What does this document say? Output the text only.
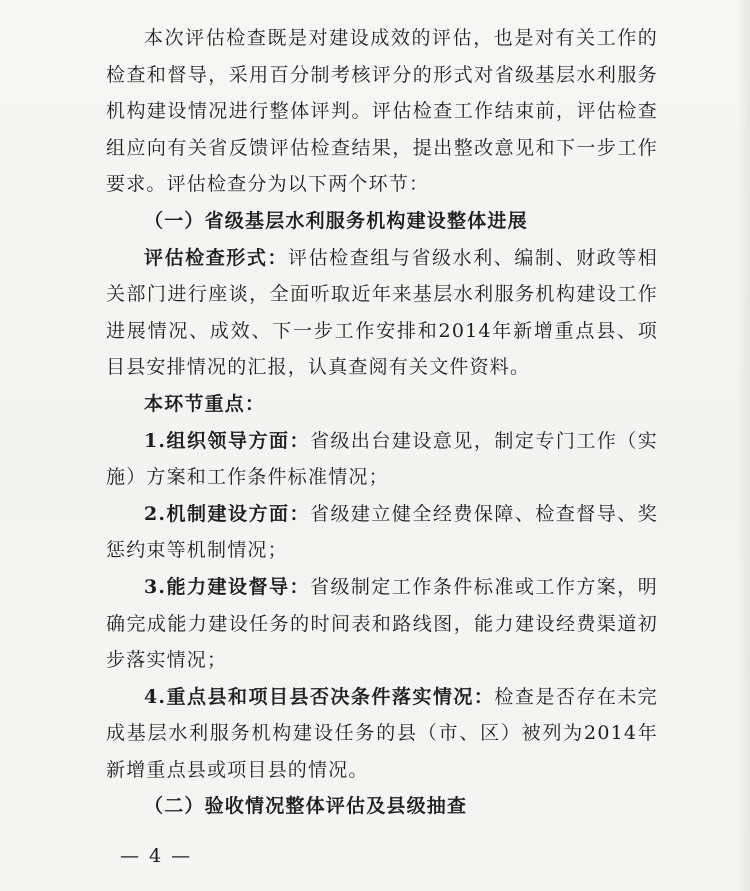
本次评估检查既是对建设成效的评估，也是对有关工作的检查和督导，采用百分制考核评分的形式对省级基层水利服务机构建设情况进行整体评判。评估检查工作结束前，评估检查组应向有关省反馈评估检查结果，提出整改意见和下一步工作要求。评估检查分为以下两个环节：

（一）省级基层水利服务机构建设整体进展

评估检查形式：评估检查组与省级水利、编制、财政等相关部门进行座谈，全面听取近年来基层水利服务机构建设工作进展情况、成效、下一步工作安排和2014年新增重点县、项目县安排情况的汇报，认真查阅有关文件资料。

本环节重点：

1.组织领导方面：省级出台建设意见，制定专门工作（实施）方案和工作条件标准情况；

2.机制建设方面：省级建立健全经费保障、检查督导、奖惩约束等机制情况；

3.能力建设督导：省级制定工作条件标准或工作方案，明确完成能力建设任务的时间表和路线图，能力建设经费渠道初步落实情况；

4.重点县和项目县否决条件落实情况：检查是否存在未完成基层水利服务机构建设任务的县（市、区）被列为2014年新增重点县或项目县的情况。

（二）验收情况整体评估及县级抽查

— 4 —
